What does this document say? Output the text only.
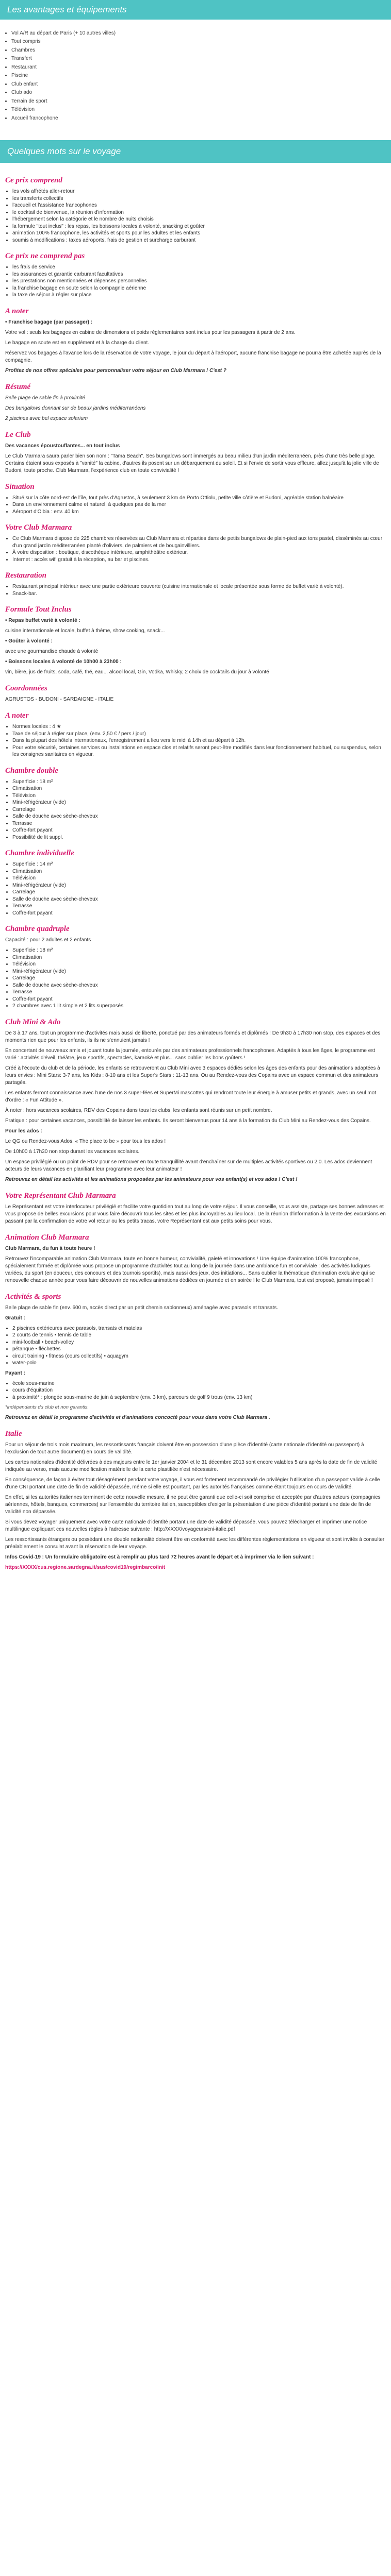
Les avantages et équipements
• Vol A/R au départ de Paris (+ 10 autres villes)
• Tout compris
• Chambres
• Transfert
• Restaurant
• Piscine
• Club enfant
• Club ado
• Terrain de sport
• Télévision
• Accueil francophone
Quelques mots sur le voyage
Ce prix comprend
• les vols affrétés aller-retour
• les transferts collectifs
• l'accueil et l'assistance francophones
• le cocktail de bienvenue, la réunion d'information
• l'hébergement selon la catégorie et le nombre de nuits choisis
• la formule "tout inclus" : les repas, les boissons locales à volonté, snacking et goûter
• animation 100% francophone, les activités et sports pour les adultes et les enfants
• soumis à modifications : taxes aéroports, frais de gestion et surcharge carburant
Ce prix ne comprend pas
• les frais de service
• les assurances et garantie carburant facultatives
• les prestations non mentionnées et dépenses personnelles
• la franchise bagage en soute selon la compagnie aérienne
• la taxe de séjour à régler sur place
A noter

• Franchise bagage (par passager) :

Votre vol : seuls les bagages en cabine de dimensions et poids réglementaires sont inclus pour les passagers à partir de 2 ans.

Le bagage en soute est en supplément et à la charge du client.

Réservez vos bagages à l'avance lors de la réservation de votre voyage, le jour du départ à l'aéroport, aucune franchise bagage ne pourra être achetée auprès de la compagnie.

Profitez de nos offres spéciales pour personnaliser votre séjour en Club Marmara ! C'est ?

Résumé

Belle plage de sable fin à proximité

Des bungalows donnant sur de beaux jardins méditerranéens

2 piscines avec bel espace solarium

Le Club

Des vacances époustouflantes... en tout inclus

Le Club Marmara saura parler bien son nom : "Tama Beach". Ses bungalows sont immergés au beau milieu d'un jardin méditerranéen, près d'une très belle plage. Certains étaient sous exposés à "vanité" la cabine, d'autres ils posent sur un débarquement du soleil. Et si l'envie de sortir vous effleure, allez jusqu'à la jolie ville de Budoni, toute proche. Club Marmara, l'expérience club en toute convivialité !

Situation
• Situé sur la côte nord-est de l'île, tout près d'Agrustos, à seulement 3 km de Porto Ottiolu, petite ville côtière et Budoni, agréable station balnéaire
• Dans un environnement calme et naturel, à quelques pas de la mer
• Aéroport d'Olbia : env. 40 km
Votre Club Marmara
• Ce Club Marmara dispose de 225 chambres réservées au Club Marmara et réparties dans de petits bungalows de plain-pied aux tons pastel, disséminés au cœur d'un grand jardin méditerranéen planté d'oliviers, de palmiers et de bougainvilliers.
• À votre disposition : boutique, discothèque intérieure, amphithéâtre extérieur.
• Internet : accès wifi gratuit à la réception, au bar et piscines.
Restauration
• Restaurant principal intérieur avec une partie extérieure couverte (cuisine internationale et locale présentée sous forme de buffet varié à volonté).
• Snack-bar.
Formule Tout Inclus

• Repas buffet varié à volonté :

cuisine internationale et locale, buffet à thème, show cooking, snack...

• Goûter à volonté :

avec une gourmandise chaude à volonté

• Boissons locales à volonté de 10h00 à 23h00 :

vin, bière, jus de fruits, soda, café, thé, eau... alcool local, Gin, Vodka, Whisky, 2 choix de cocktails du jour à volonté

Coordonnées

AGRUSTOS - BUDONI - SARDAIGNE - ITALIE

A noter
• Normes locales : 4 ★
• Taxe de séjour à régler sur place, (env. 2,50 € / pers / jour)
• Dans la plupart des hôtels internationaux, l'enregistrement a lieu vers le midi à 14h et au départ à 12h.
• Pour votre sécurité, certaines services ou installations en espace clos et relatifs seront peut-être modifiés dans leur fonctionnement habituel, ou suspendus, selon les consignes sanitaires en vigueur.
Chambre double
• Superficie : 18 m²
• Climatisation
• Télévision
• Mini-réfrigérateur (vide)
• Carrelage
• Salle de douche avec sèche-cheveux
• Terrasse
• Coffre-fort payant
• Possibilité de lit suppl.
Chambre individuelle
• Superficie : 14 m²
• Climatisation
• Télévision
• Mini-réfrigérateur (vide)
• Carrelage
• Salle de douche avec sèche-cheveux
• Terrasse
• Coffre-fort payant
Chambre quadruple

Capacité : pour 2 adultes et 2 enfants

• Superficie : 18 m²
• Climatisation
• Télévision
• Mini-réfrigérateur (vide)
• Carrelage
• Salle de douche avec sèche-cheveux
• Terrasse
• Coffre-fort payant
• 2 chambres avec 1 lit simple et 2 lits superposés
Club Mini & Ado

De 3 à 17 ans, tout un programme d'activités mais aussi de liberté, ponctué par des animateurs formés et diplômés ! De 9h30 à 17h30 non stop, des espaces et des moments rien que pour les enfants, ils ils ne s'ennuient jamais !

En concertant de nouveaux amis et jouant toute la journée, entourés par des animateurs professionnels francophones. Adaptés à tous les âges, le programme est varié : activités d'éveil, théâtre, jeux sportifs, spectacles, karaoké et plus... sans oublier les bons goûters !

Créé à l'écoute du club et de la période, les enfants se retrouveront au Club Mini avec 3 espaces dédiés selon les âges des enfants pour des animations adaptées à leurs envies : Mini Stars: 3-7 ans, les Kids : 8-10 ans et les Super's Stars : 11-13 ans. Ou au Rendez-vous des Copains avec un espace commun et des animateurs partagés.

Les enfants ferront connaissance avec l'une de nos 3 super-fées et SuperMi mascottes qui rendront toute leur énergie à amuser petits et grands, avec un seul mot d'ordre : « Fun Attitude ».

À noter : hors vacances scolaires, RDV des Copains dans tous les clubs, les enfants sont réunis sur un petit nombre.

Pratique : pour certaines vacances, possibilité de laisser les enfants. Ils seront bienvenus pour 14 ans à la formation du Club Mini au Rendez-vous des Copains.

Pour les ados :

Le QG ou Rendez-vous Ados, « The place to be » pour tous les ados !

De 10h00 à 17h30 non stop durant les vacances scolaires.

Un espace privilégié ou un point de RDV pour se retrouver en toute tranquillité avant d'enchaîner sur de multiples activités sportives ou 2.0. Les ados deviennent acteurs de leurs vacances en planifiant leur programme avec leur animateur !

Retrouvez en détail les activités et les animations proposées par les animateurs pour vos enfant(s) et vos ados ! C'est !

Votre Représentant Club Marmara

Le Représentant est votre interlocuteur privilégié et facilite votre quotidien tout au long de votre séjour. Il vous conseille, vous assiste, partage ses bonnes adresses et vous propose de belles excursions pour vous faire découvrir tous les sites et les plus incroyables au lieu local. De la réunion d'information à la vente des excursions en passant par la confirmation de votre vol retour ou les petits tracas, votre Représentant est aux petits soins pour vous.

Animation Club Marmara

Club Marmara, du fun à toute heure !

Retrouvez l'incomparable animation Club Marmara, toute en bonne humeur, convivialité, gaieté et innovations ! Une équipe d'animation 100% francophone, spécialement formée et diplômée vous propose un programme d'activités tout au long de la journée dans une ambiance fun et conviviale : des activités ludiques variées, du sport (en douceur, des concours et des tournois sportifs), mais aussi des jeux, des initiations... Sans oublier la thématique d'animation exclusive qui se renouvelle chaque année pour vous faire découvrir de nouvelles animations dédiées en journée et en soirée ! le Club Marmara, tout est proposé, jamais imposé !

Activités & sports

Belle plage de sable fin (env. 600 m, accès direct par un petit chemin sablonneux) aménagée avec parasols et transats.

Gratuit :

• 2 piscines extérieures avec parasols, transats et matelas
• 2 courts de tennis • tennis de table
• mini-football • beach-volley
• pétanque • fléchettes
• circuit training • fitness (cours collectifs) • aquagym
• water-polo

Payant :

• école sous-marine
• cours d'équitation
• à proximité* : plongée sous-marine de juin à septembre (env. 3 km), parcours de golf 9 trous (env. 13 km)

*indépendants du club et non garantis.

Retrouvez en détail le programme d'activités et d'animations concocté pour vous dans votre Club Marmara .

Italie

Pour un séjour de trois mois maximum, les ressortissants français doivent être en possession d'une pièce d'identité (carte nationale d'identité ou passeport) à l'exclusion de tout autre document) en cours de validité.

Les cartes nationales d'identité délivrées à des majeurs entre le 1er janvier 2004 et le 31 décembre 2013 sont encore valables 5 ans après la date de fin de validité indiquée au verso, mais aucune modification matérielle de la carte plastifiée n'est nécessaire.

En conséquence, de façon à éviter tout désagrément pendant votre voyage, il vous est fortement recommandé de privilégier l'utilisation d'un passeport valide à celle d'une CNI portant une date de fin de validité dépassée, même si elle est pourtant, par les autorités françaises comme étant toujours en cours de validité.

En effet, si les autorités italiennes terminent de cette nouvelle mesure, il ne peut être garanti que celle-ci soit comprise et acceptée par d'autres acteurs (compagnies aériennes, hôtels, banques, commerces) sur l'ensemble du territoire italien, susceptibles d'exiger la présentation d'une pièce d'identité portant une date de fin de validité non dépassée.

Si vous devez voyager uniquement avec votre carte nationale d'identité portant une date de validité dépassée, vous pouvez télécharger et imprimer une notice multilingue expliquant ces nouvelles règles à l'adresse suivante : http://XXXX/voyageurs/cni-italie.pdf

Les ressortissants étrangers ou possédant une double nationalité doivent être en conformité avec les différentes réglementations en vigueur et sont invités à consulter préalablement le consulat avant la réservation de leur voyage.

Infos Covid-19 : Un formulaire obligatoire est à remplir au plus tard 72 heures avant le départ et à imprimer via le lien suivant :

https://XXXX/cus.regione.sardegna.it/sus/covid19/regimbarco/init
